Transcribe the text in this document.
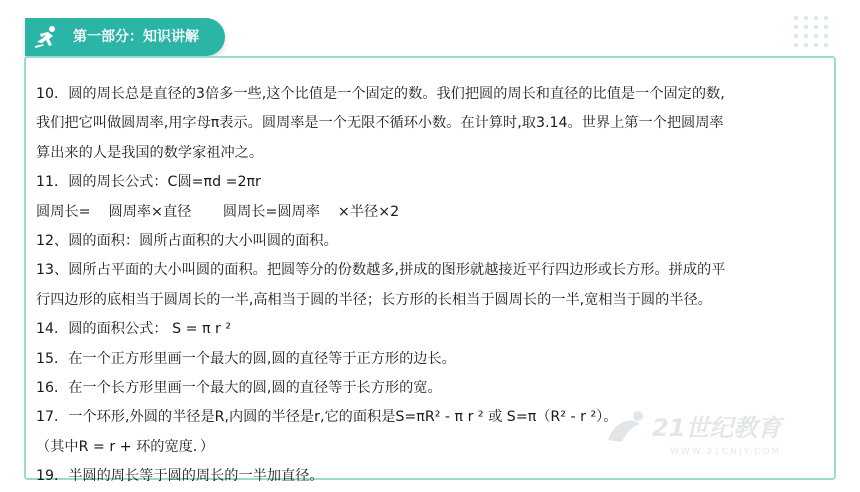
第一部分：知识讲解
10．圆的周长总是直径的3倍多一些,这个比值是一个固定的数。我们把圆的周长和直径的比值是一个固定的数,
我们把它叫做圆周率,用字母π表示。圆周率是一个无限不循环小数。在计算时,取3.14。世界上第一个把圆周率
算出来的人是我国的数学家祖冲之。
11．圆的周长公式：C圆=πd =2πr
圆周长=    圆周率×直径       圆周长=圆周率    ×半径×2
12、圆的面积：圆所占面积的大小叫圆的面积。
13、圆所占平面的大小叫圆的面积。把圆等分的份数越多,拼成的图形就越接近平行四边形或长方形。拼成的平
行四边形的底相当于圆周长的一半,高相当于圆的半径；长方形的长相当于圆周长的一半,宽相当于圆的半径。
14．圆的面积公式： S = π r ²
15．在一个正方形里画一个最大的圆,圆的直径等于正方形的边长。
16．在一个长方形里画一个最大的圆,圆的直径等于长方形的宽。
17．一个环形,外圆的半径是R,内圆的半径是r,它的面积是S=πR² - π r ² 或 S=π（R² - r ²）。
（其中R = r + 环的宽度．）
19．半圆的周长等于圆的周长的一半加直径。
21世纪教育
WWW.21CNJY.COM
